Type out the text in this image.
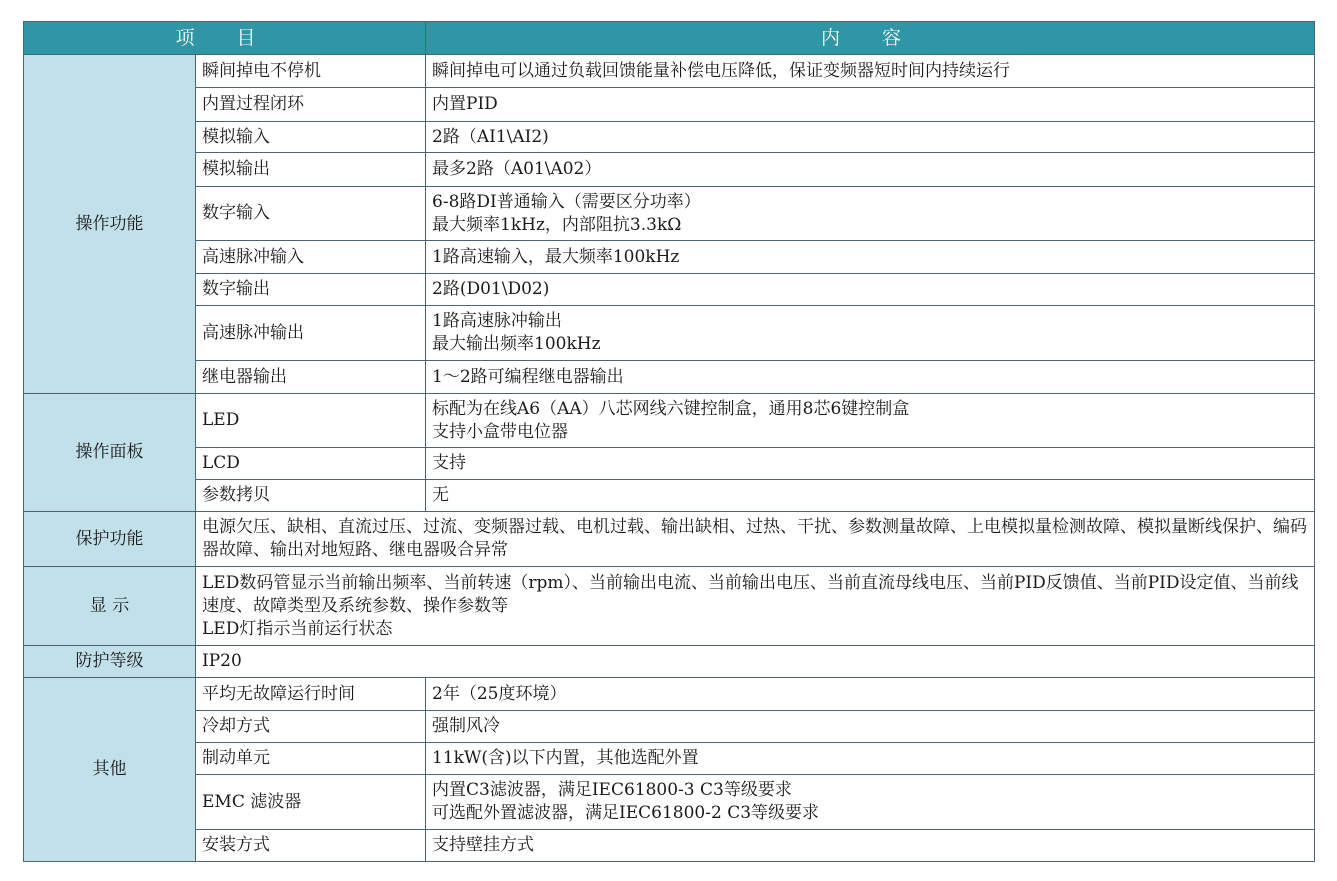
项 目		内 容
操作功能	瞬间掉电不停机	瞬间掉电可以通过负载回馈能量补偿电压降低，保证变频器短时间内持续运行
	内置过程闭环	内置PID
	模拟输入	2路（AI1\AI2)
	模拟输出	最多2路（A01\A02）
	数字输入	6-8路DI普通输入（需要区分功率）
最大频率1kHz，内部阻抗3.3kΩ
	高速脉冲输入	1路高速输入，最大频率100kHz
	数字输出	2路(D01\D02)
	高速脉冲输出	1路高速脉冲输出
最大输出频率100kHz
	继电器输出	1～2路可编程继电器输出
操作面板	LED	标配为在线A6（AA）八芯网线六键控制盒，通用8芯6键控制盒
支持小盒带电位器
	LCD	支持
	参数拷贝	无
保护功能	电源欠压、缺相、直流过压、过流、变频器过载、电机过载、输出缺相、过热、干扰、参数测量故障、上电模拟量检测故障、模拟量断线保护、编码器故障、输出对地短路、继电器吸合异常	
显 示	LED数码管显示当前输出频率、当前转速（rpm）、当前输出电流、当前输出电压、当前直流母线电压、当前PID反馈值、当前PID设定值、当前线速度、故障类型及系统参数、操作参数等
LED灯指示当前运行状态	
防护等级	IP20	
其他	平均无故障运行时间	2年（25度环境）
	冷却方式	强制风冷
	制动单元	11kW(含)以下内置，其他选配外置
	EMC 滤波器	内置C3滤波器，满足IEC61800-3 C3等级要求
可选配外置滤波器，满足IEC61800-2 C3等级要求
	安装方式	支持壁挂方式
